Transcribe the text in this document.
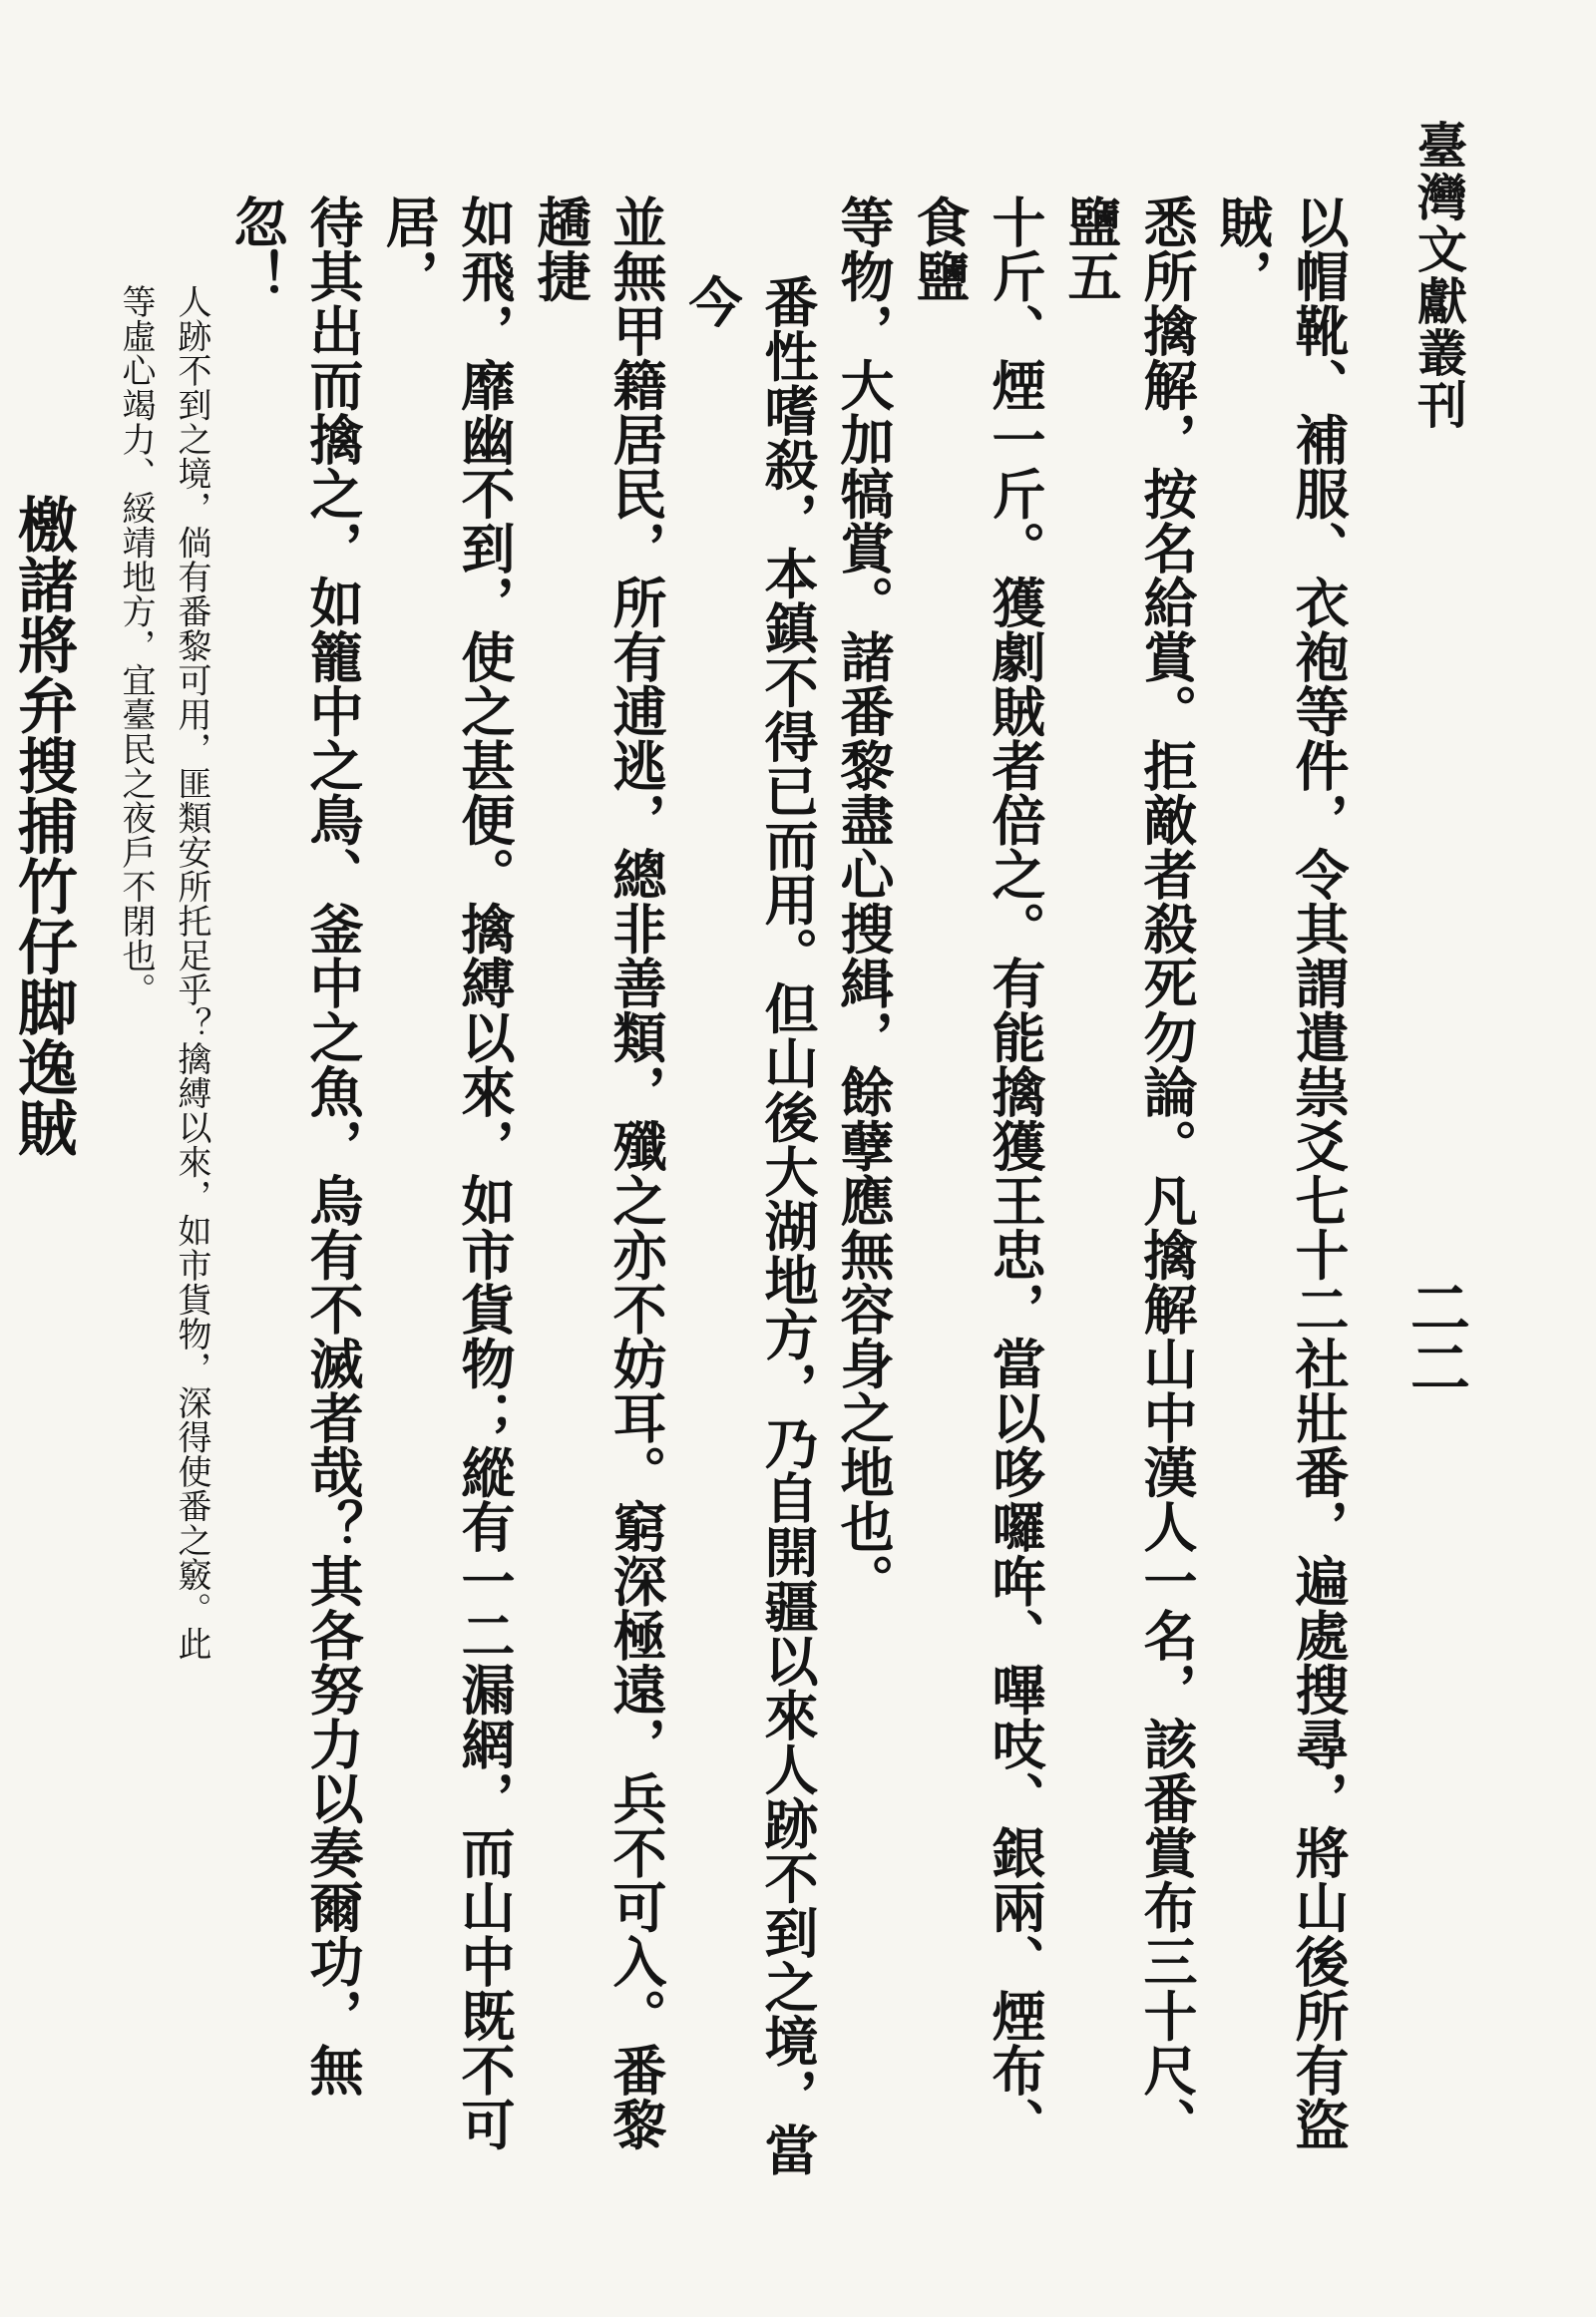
臺灣文獻叢刊
二二
以帽靴、補服、衣袍等件，令其謂遣祟爻七十二社壯番，遍處搜尋，將山後所有盜賊，
悉所擒解，按名給賞。拒敵者殺死勿論。凡擒解山中漢人一名，該番賞布三十尺、鹽五
十斤、煙一斤。獲劇賊者倍之。有能擒獲王忠，當以哆囉哖、嗶吱、銀兩、煙布、食鹽
等物，大加犒賞。諸番黎盡心搜緝，餘孽應無容身之地也。
番性嗜殺，本鎮不得已而用。但山後大湖地方，乃自開疆以來人跡不到之境，當今
並無甲籍居民，所有逋逃，總非善類，殲之亦不妨耳。窮深極遠，兵不可入。番黎趫捷
如飛，靡幽不到，使之甚便。擒縛以來，如市貨物；縱有一二漏網，而山中既不可居，
待其出而擒之，如籠中之鳥、釜中之魚，烏有不滅者哉？其各努力以奏爾功，無忽！
人跡不到之境，倘有番黎可用，匪類安所托足乎？擒縛以來，如市貨物，深得使番之竅。此
等虛心竭力、綏靖地方，宜臺民之夜戶不閉也。
檄諸將弁搜捕竹仔脚逸賊
